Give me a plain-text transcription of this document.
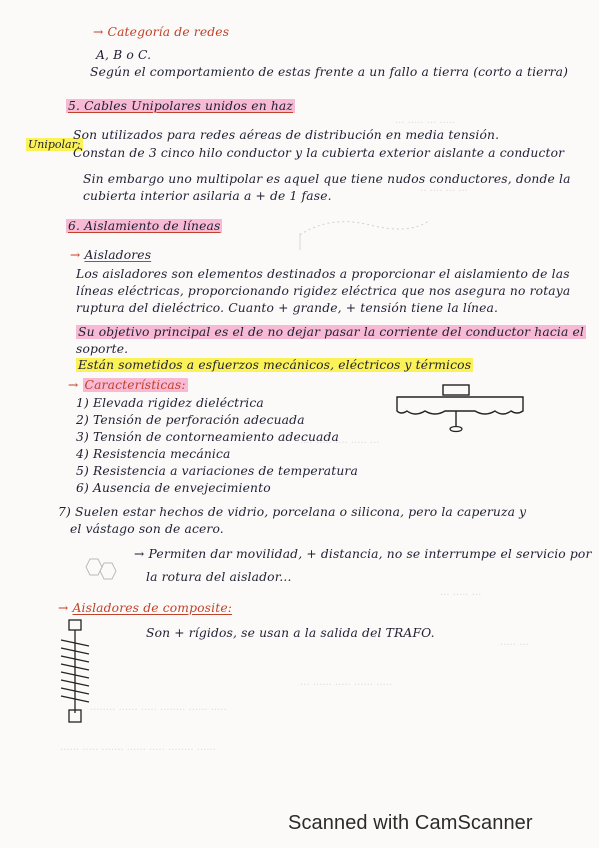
··· ····· ··· ·····
·· ···· ··· ···
···· ····· ···· ····· ···
··· ····· ···
····· ···
··· ······ ····· ······ ·····
········ ······ ····· ········ ······ ·····
······ ····· ······· ······ ····· ········ ······
→ Categoría de redes
A, B o C.
Según el comportamiento de estas frente a un fallo a tierra (corto a tierra)
5. Cables Unipolares unidos en haz
Unipolar:
Son utilizados para redes aéreas de distribución en media tensión.
Constan de 3 cinco hilo conductor y la cubierta exterior aislante a conductor
Sin embargo uno multipolar es aquel que tiene nudos conductores, donde la
cubierta interior asilaria a + de 1 fase.
6. Aislamiento de líneas
→ Aisladores
Los aisladores son elementos destinados a proporcionar el aislamiento de las
líneas eléctricas, proporcionando rigidez eléctrica que nos asegura no rotaya
ruptura del dieléctrico. Cuanto + grande, + tensión tiene la línea.
Su objetivo principal es el de no dejar pasar la corriente del conductor hacia el
soporte.
Están sometidos a esfuerzos mecánicos, eléctricos y térmicos
→ Características:
1) Elevada rigidez dieléctrica
2) Tensión de perforación adecuada
3) Tensión de contorneamiento adecuada
4) Resistencia mecánica
5) Resistencia a variaciones de temperatura
6) Ausencia de envejecimiento
7) Suelen estar hechos de vidrio, porcelana o silicona, pero la caperuza y
el vástago son de acero.
→ Permiten dar movilidad, + distancia, no se interrumpe el servicio por
la rotura del aislador...
→ Aisladores de composite:
Son + rígidos, se usan a la salida del TRAFO.
Scanned with CamScanner
